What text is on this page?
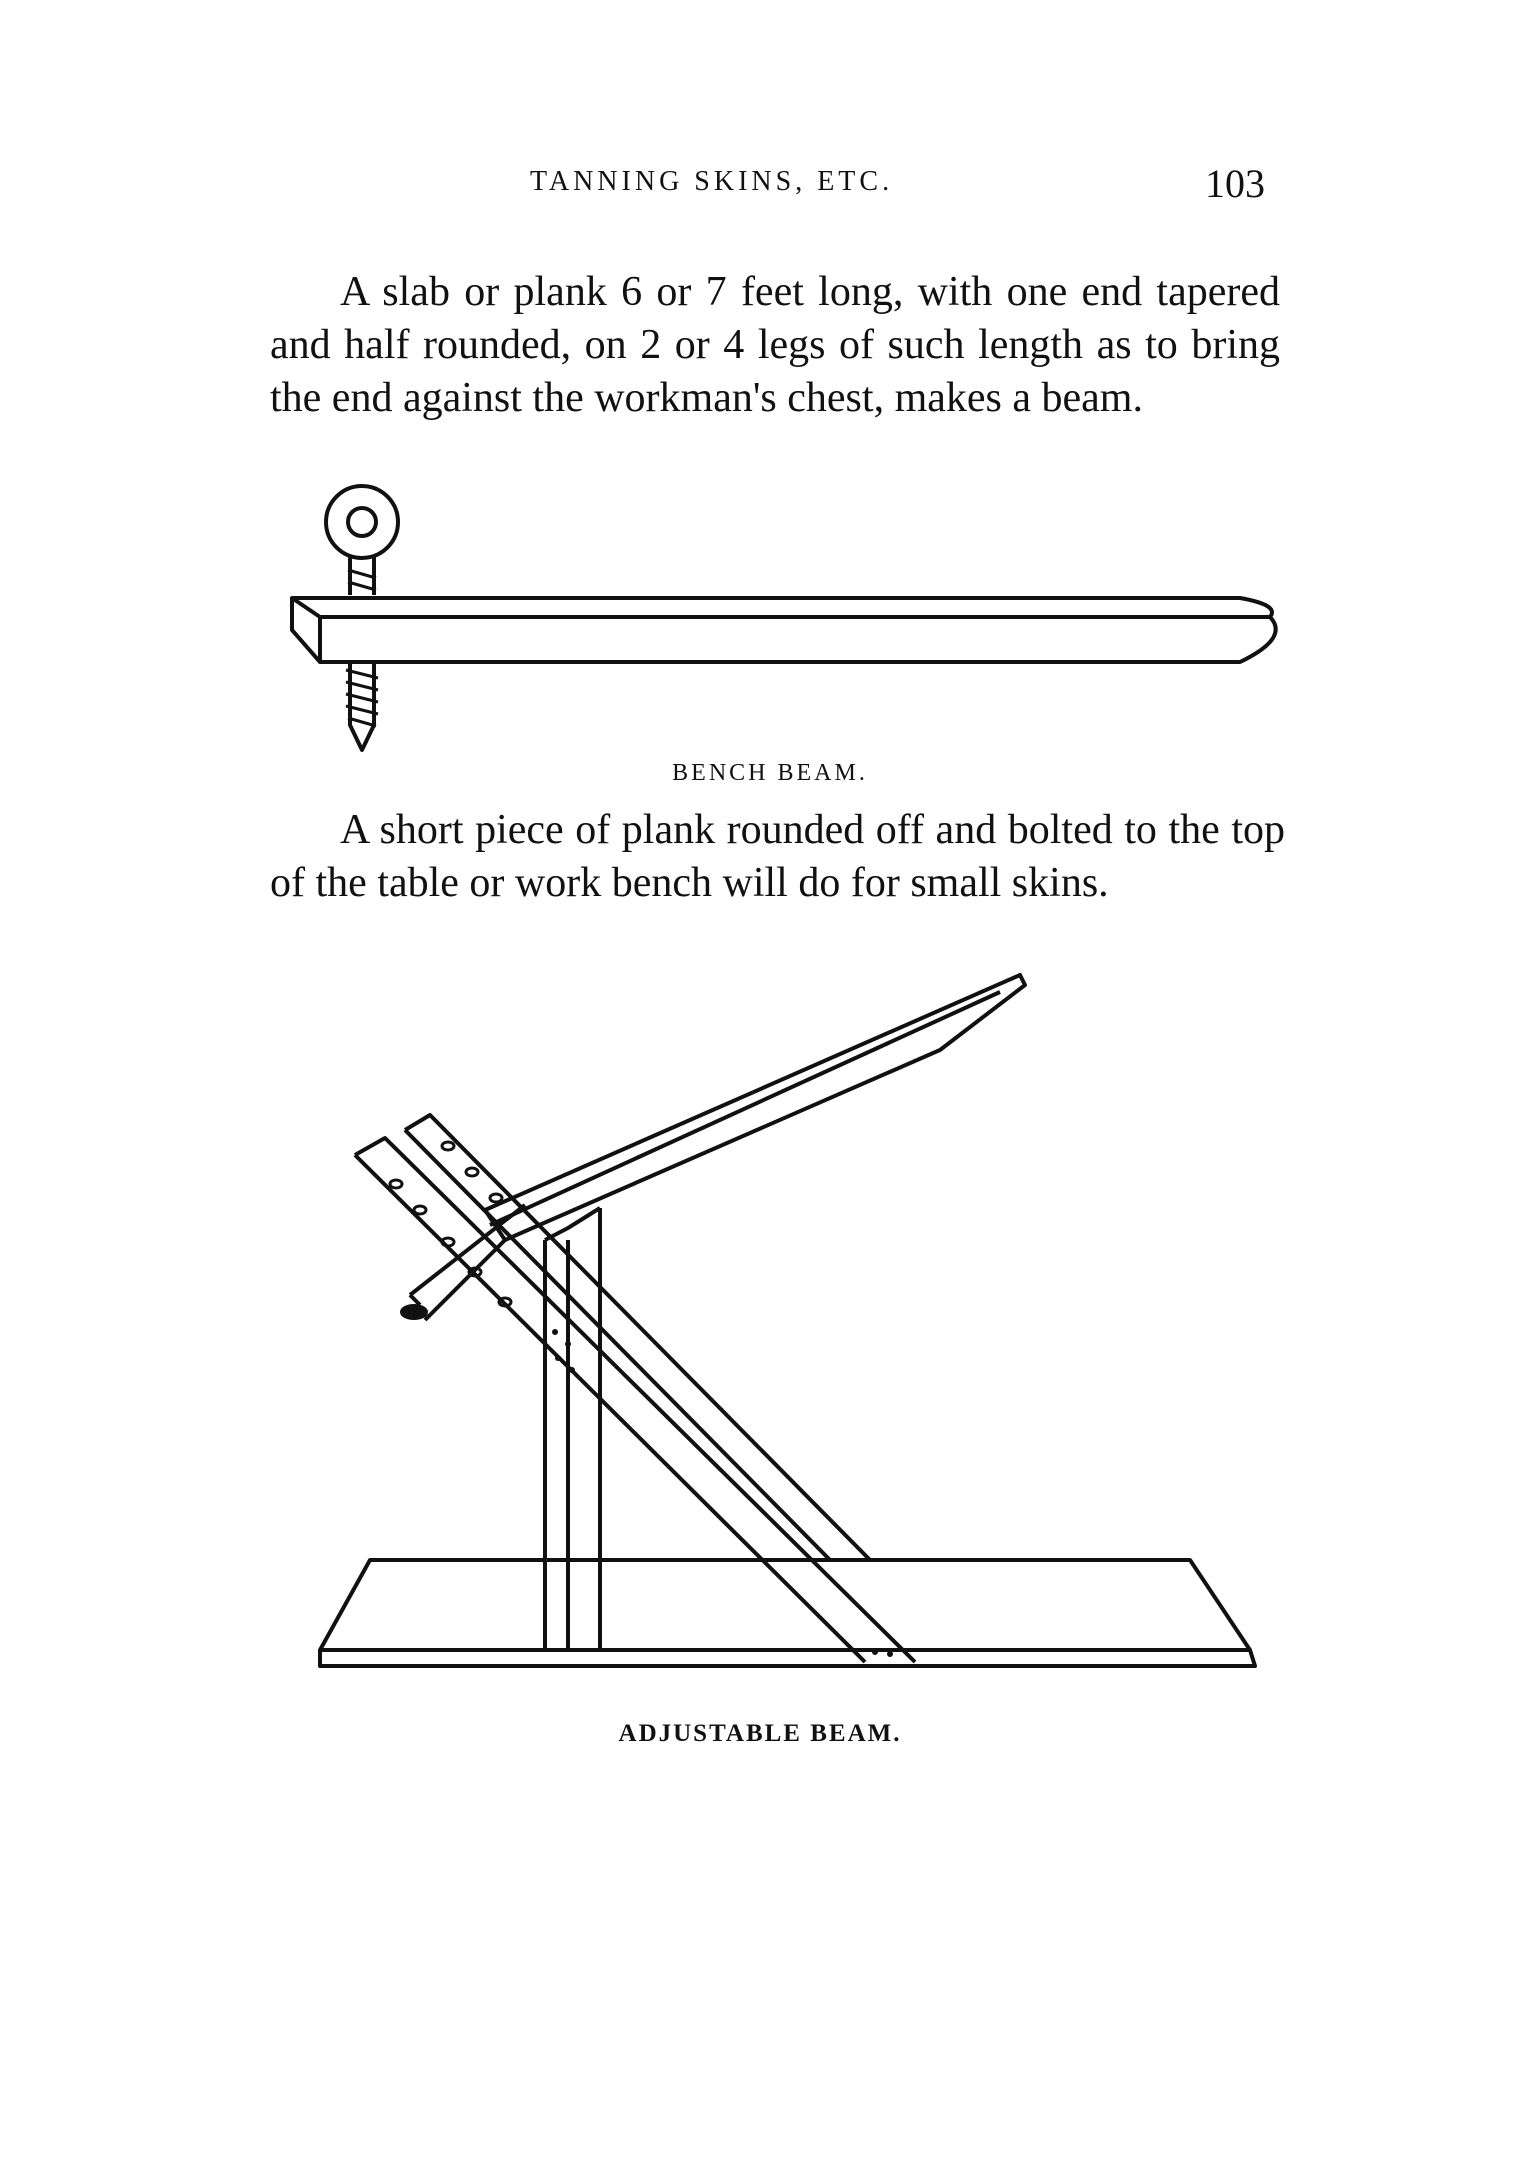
TANNING SKINS, ETC.	103

A slab or plank 6 or 7 feet long, with one end tapered and half rounded, on 2 or 4 legs of such length as to bring the end against the workman's chest, makes a beam.

BENCH BEAM.

A short piece of plank rounded off and bolted to the top of the table or work bench will do for small skins.

ADJUSTABLE BEAM.
